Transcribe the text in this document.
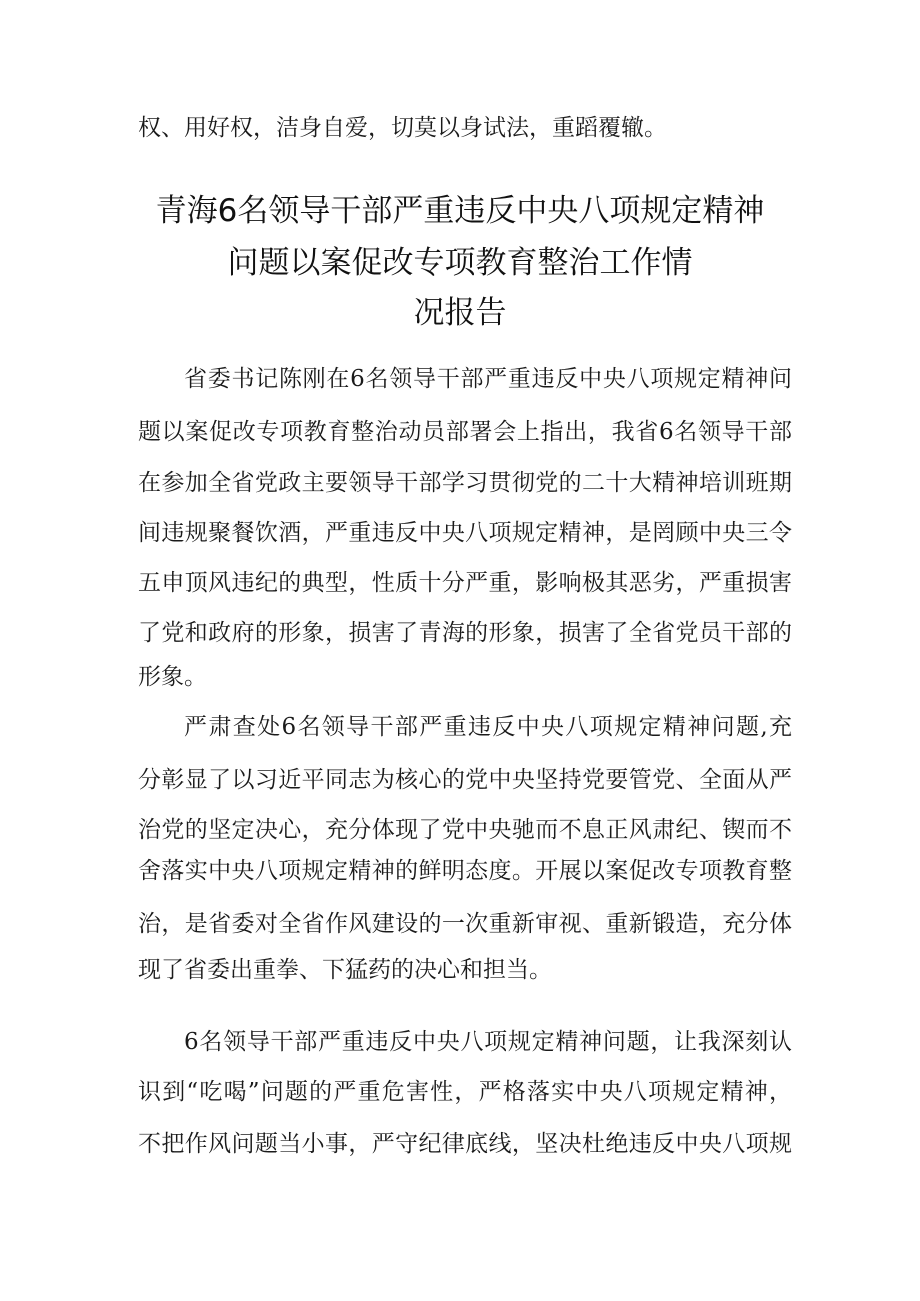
权、用好权，洁身自爱，切莫以身试法，重蹈覆辙。
青海6名领导干部严重违反中央八项规定精神
问题以案促改专项教育整治工作情
况报告
省委书记陈刚在6名领导干部严重违反中央八项规定精神问
题以案促改专项教育整治动员部署会上指出，我省6名领导干部
在参加全省党政主要领导干部学习贯彻党的二十大精神培训班期
间违规聚餐饮酒，严重违反中央八项规定精神，是罔顾中央三令
五申顶风违纪的典型，性质十分严重，影响极其恶劣，严重损害
了党和政府的形象，损害了青海的形象，损害了全省党员干部的
形象。
严肃查处6名领导干部严重违反中央八项规定精神问题,充
分彰显了以习近平同志为核心的党中央坚持党要管党、全面从严
治党的坚定决心，充分体现了党中央驰而不息正风肃纪、锲而不
舍落实中央八项规定精神的鲜明态度。开展以案促改专项教育整
治，是省委对全省作风建设的一次重新审视、重新锻造，充分体
现了省委出重拳、下猛药的决心和担当。
6名领导干部严重违反中央八项规定精神问题，让我深刻认
识到“吃喝”问题的严重危害性，严格落实中央八项规定精神，
不把作风问题当小事，严守纪律底线，坚决杜绝违反中央八项规
